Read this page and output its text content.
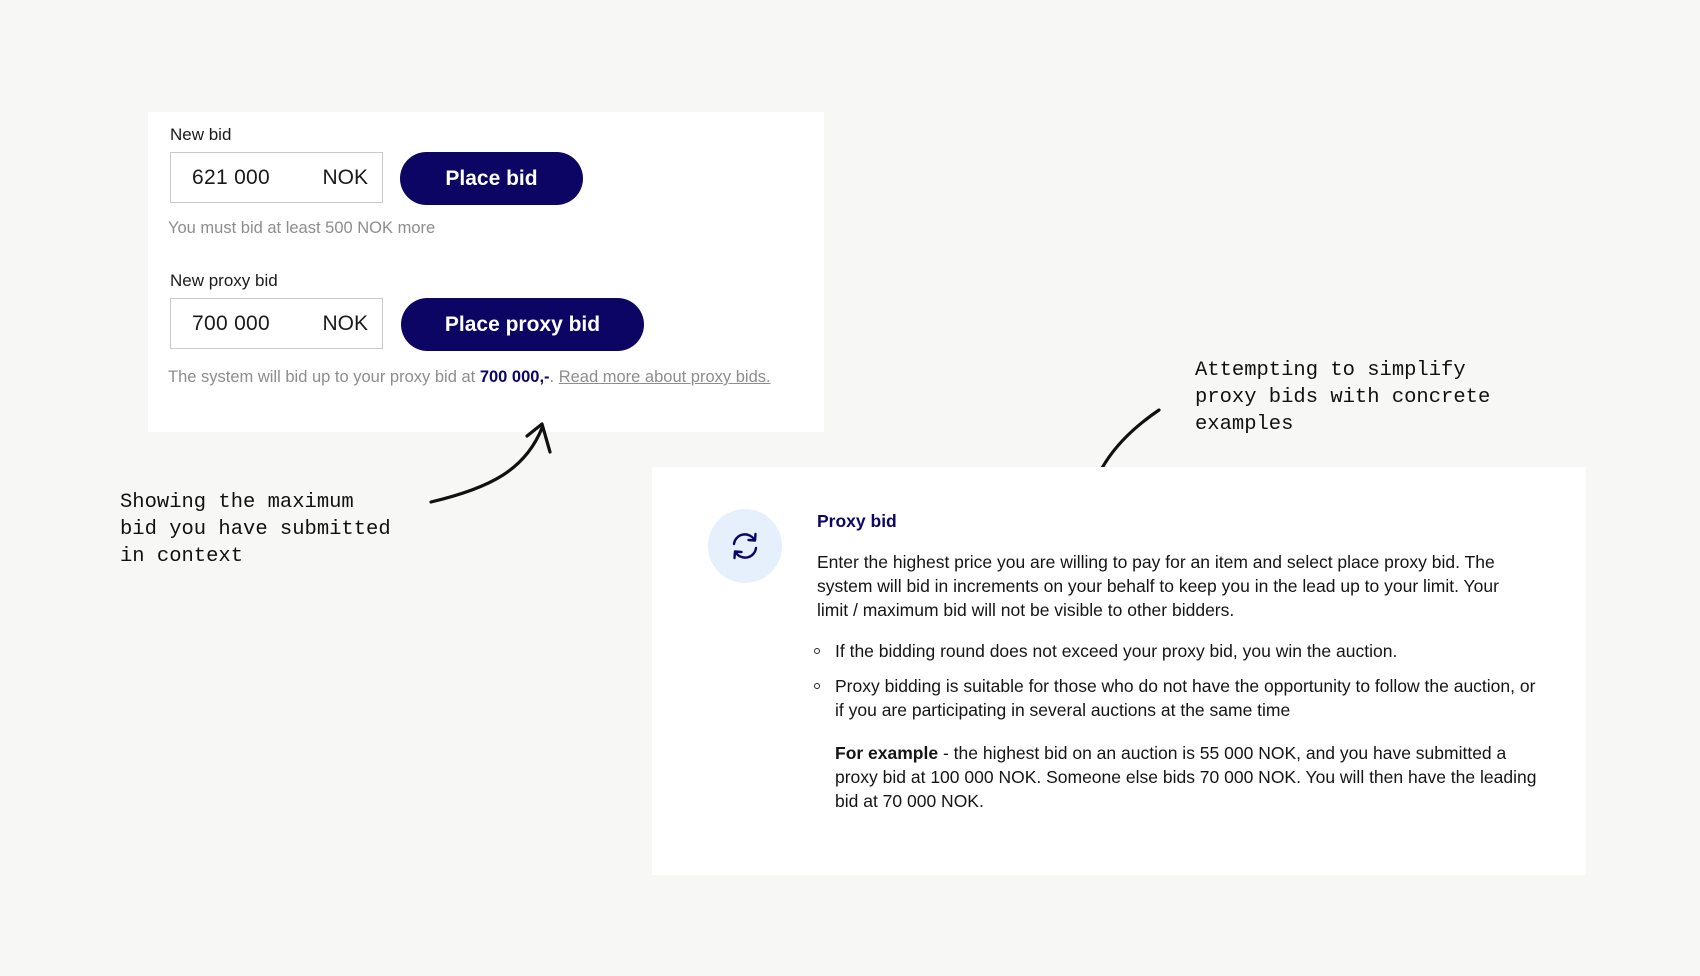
New bid
621 000 NOK	Place bid
You must bid at least 500 NOK more
New proxy bid
700 000 NOK	Place proxy bid
The system will bid up to your proxy bid at 700 000,-. Read more about proxy bids.
Showing the maximum
bid you have submitted
in context
Attempting to simplify
proxy bids with concrete
examples
Proxy bid
Enter the highest price you are willing to pay for an item and select place proxy bid. The system will bid in increments on your behalf to keep you in the lead up to your limit. Your limit / maximum bid will not be visible to other bidders.
If the bidding round does not exceed your proxy bid, you win the auction.
Proxy bidding is suitable for those who do not have the opportunity to follow the auction, or if you are participating in several auctions at the same time
For example - the highest bid on an auction is 55 000 NOK, and you have submitted a proxy bid at 100 000 NOK. Someone else bids 70 000 NOK. You will then have the leading bid at 70 000 NOK.
